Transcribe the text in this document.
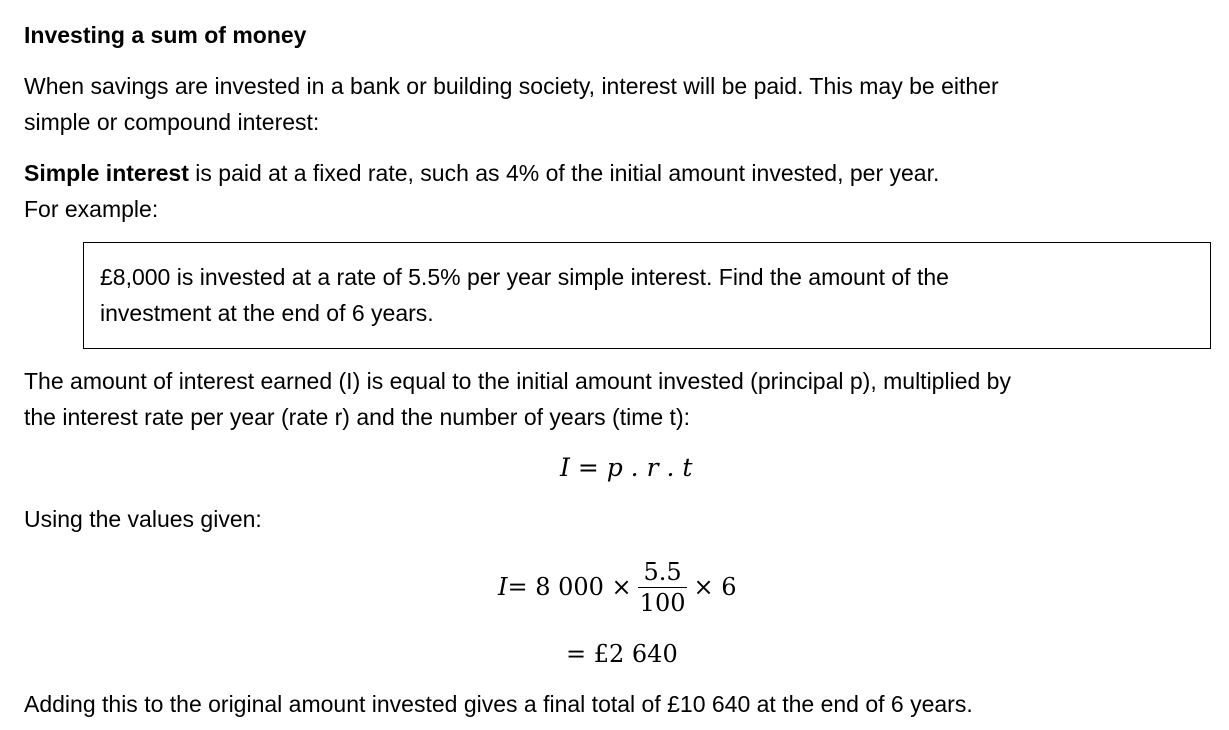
Investing a sum of money
When savings are invested in a bank or building society, interest will be paid. This may be either
simple or compound interest:
Simple interest is paid at a fixed rate, such as 4% of the initial amount invested, per year.
For example:
£8,000 is invested at a rate of 5.5% per year simple interest. Find the amount of the
investment at the end of 6 years.
The amount of interest earned (I) is equal to the initial amount invested (principal p), multiplied by
the interest rate per year (rate r) and the number of years (time t):
I = p . r . t
Using the values given:
I = 8 $000 \times \frac{5.5}{100} \times 6$
= £2 640
Adding this to the original amount invested gives a final total of £10 640 at the end of 6 years.
